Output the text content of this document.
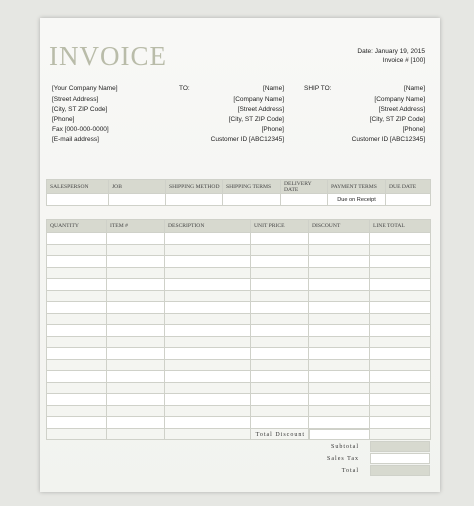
INVOICE	Date: January 19, 2015
Invoice # [100]
[Your Company Name]
[Street Address]
[City, ST ZIP Code]
[Phone]
Fax [000-000-0000]
[E-mail address]
TO:	[Name]
[Company Name]
[Street Address]
[City, ST ZIP Code]
[Phone]
Customer ID [ABC12345]
SHIP TO:	[Name]
[Company Name]
[Street Address]
[City, ST ZIP Code]
[Phone]
Customer ID [ABC12345]
SALESPERSON	JOB	SHIPPING METHOD	SHIPPING TERMS	DELIVERY DATE	PAYMENT TERMS	DUE DATE
					Due on Receipt	
QUANTITY	ITEM #	DESCRIPTION	UNIT PRICE	DISCOUNT	LINE TOTAL

Total Discount
Subtotal
Sales Tax
Total
